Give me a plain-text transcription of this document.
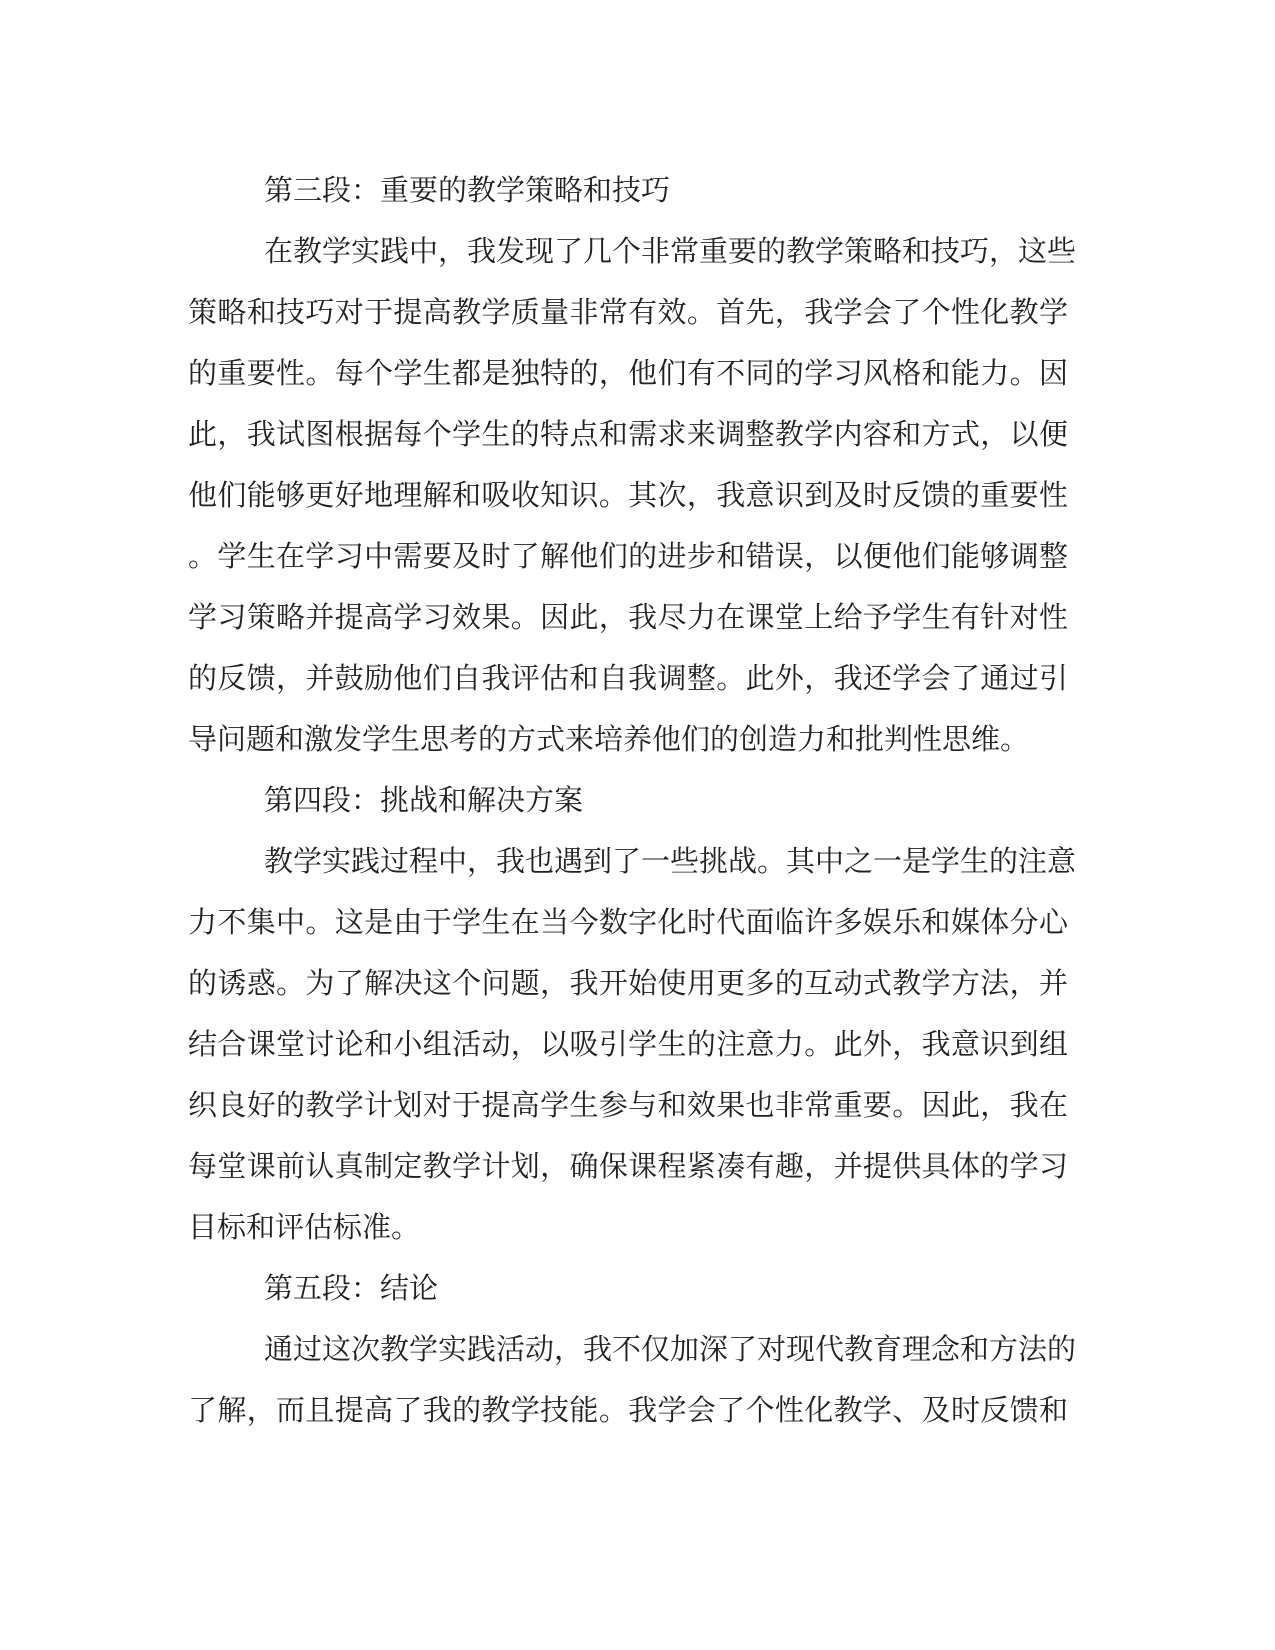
第三段：重要的教学策略和技巧
在教学实践中，我发现了几个非常重要的教学策略和技巧，这些
策略和技巧对于提高教学质量非常有效。首先，我学会了个性化教学
的重要性。每个学生都是独特的，他们有不同的学习风格和能力。因
此，我试图根据每个学生的特点和需求来调整教学内容和方式，以便
他们能够更好地理解和吸收知识。其次，我意识到及时反馈的重要性
。学生在学习中需要及时了解他们的进步和错误，以便他们能够调整
学习策略并提高学习效果。因此，我尽力在课堂上给予学生有针对性
的反馈，并鼓励他们自我评估和自我调整。此外，我还学会了通过引
导问题和激发学生思考的方式来培养他们的创造力和批判性思维。
第四段：挑战和解决方案
教学实践过程中，我也遇到了一些挑战。其中之一是学生的注意
力不集中。这是由于学生在当今数字化时代面临许多娱乐和媒体分心
的诱惑。为了解决这个问题，我开始使用更多的互动式教学方法，并
结合课堂讨论和小组活动，以吸引学生的注意力。此外，我意识到组
织良好的教学计划对于提高学生参与和效果也非常重要。因此，我在
每堂课前认真制定教学计划，确保课程紧凑有趣，并提供具体的学习
目标和评估标准。
第五段：结论
通过这次教学实践活动，我不仅加深了对现代教育理念和方法的
了解，而且提高了我的教学技能。我学会了个性化教学、及时反馈和
